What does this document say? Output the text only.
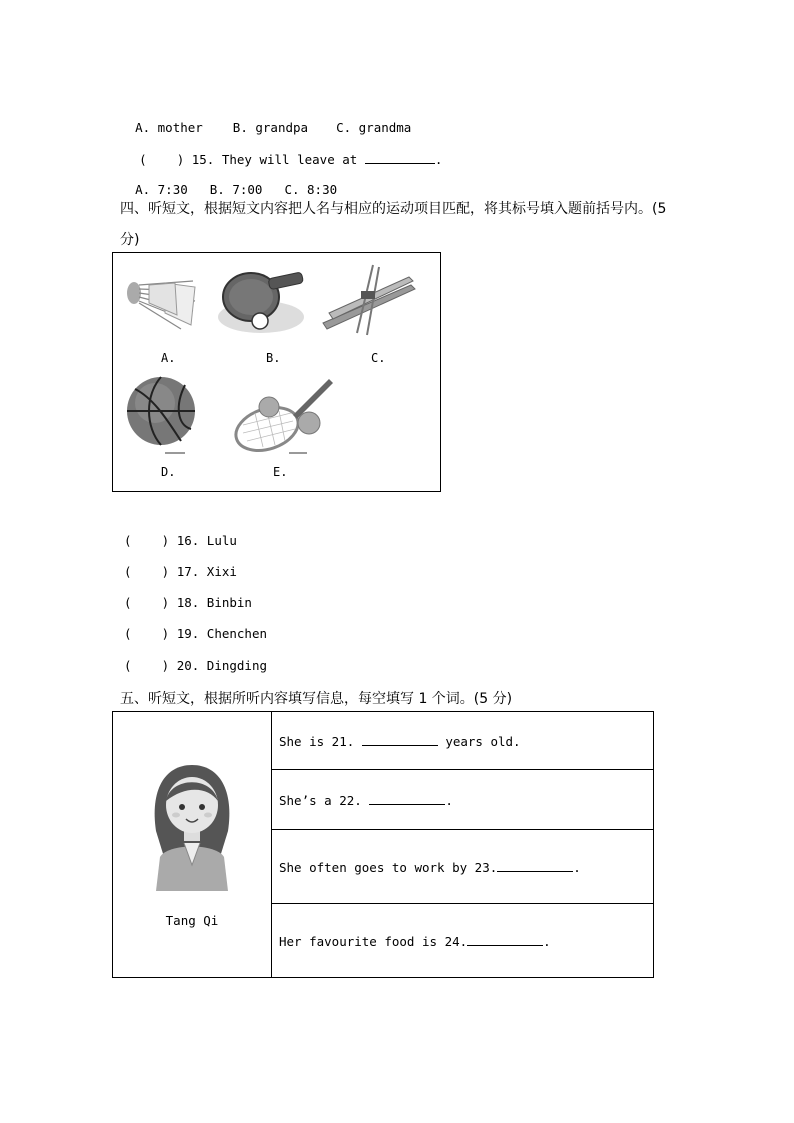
A. mother B. grandpa C. grandma

(    ) 15. They will leave at	.

A. 7:30 B. 7:00 C. 8:30

四、听短文，根据短文内容把人名与相应的运动项目匹配，将其标号填入题前括号内。(5
分)
A.	B.	C.
D.	E.
(    ) 16. Lulu
(    ) 17. Xixi
(    ) 18. Binbin
(    ) 19. Chenchen
(    ) 20. Dingding
五、听短文，根据所听内容填写信息，每空填写 1 个词。(5 分)
Tang Qi
	She is 21.	years old.
She’s a 22.	.
She often goes to work by 23.	.
Her favourite food is 24.	.
